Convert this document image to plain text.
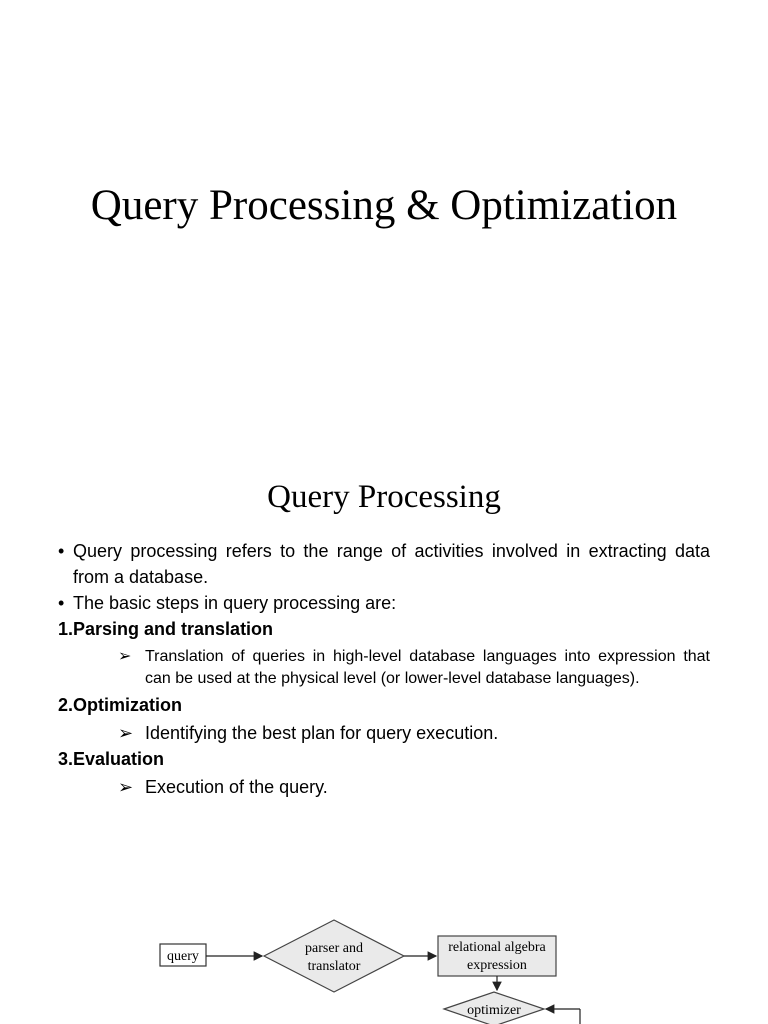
Query Processing & Optimization
Query Processing

• Query processing refers to the range of activities involved in extracting data from a database.

• The basic steps in query processing are:

1.Parsing and translation

➢ Translation of queries in high-level database languages into expression that can be used at the physical level (or lower-level database languages).

2.Optimization

➢ Identifying the best plan for query execution.

3.Evaluation

➢ Execution of the query.

query
parser and
translator
relational algebra
expression
optimizer
